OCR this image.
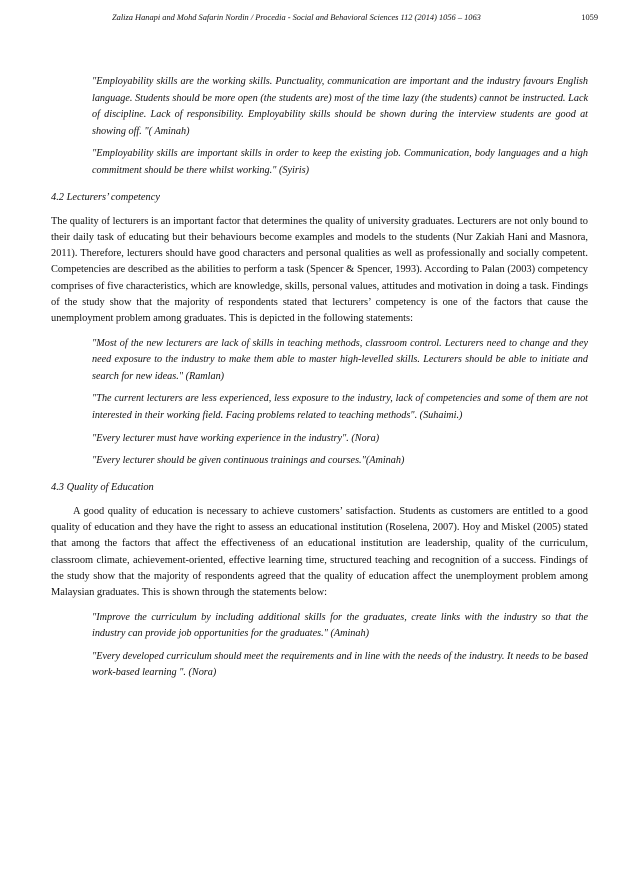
Zaliza Hanapi and Mohd Safarin Nordin / Procedia - Social and Behavioral Sciences 112 (2014) 1056 – 1063	1059

"Employability skills are the working skills. Punctuality, communication are important and the industry favours English language. Students should be more open (the students are) most of the time lazy (the students) cannot be instructed. Lack of discipline. Lack of responsibility. Employability skills should be shown during the interview students are good at showing off. "( Aminah)

"Employability skills are important skills in order to keep the existing job. Communication, body languages and a high commitment should be there whilst working." (Syiris)

4.2 Lecturers’ competency

The quality of lecturers is an important factor that determines the quality of university graduates. Lecturers are not only bound to their daily task of educating but their behaviours become examples and models to the students (Nur Zakiah Hani and Masnora, 2011). Therefore, lecturers should have good characters and personal qualities as well as professionally and socially competent. Competencies are described as the abilities to perform a task (Spencer & Spencer, 1993). According to Palan (2003) competency comprises of five characteristics, which are knowledge, skills, personal values, attitudes and motivation in doing a task. Findings of the study show that the majority of respondents stated that lecturers’ competency is one of the factors that cause the unemployment problem among graduates. This is depicted in the following statements:

"Most of the new lecturers are lack of skills in teaching methods, classroom control. Lecturers need to change and they need exposure to the industry to make them able to master high-levelled skills. Lecturers should be able to initiate and search for new ideas." (Ramlan)

"The current lecturers are less experienced, less exposure to the industry, lack of competencies and some of them are not interested in their working field. Facing problems related to teaching methods". (Suhaimi.)

"Every lecturer must have working experience in the industry". (Nora)

"Every lecturer should be given continuous trainings and courses."(Aminah)

4.3 Quality of Education

A good quality of education is necessary to achieve customers’ satisfaction. Students as customers are entitled to a good quality of education and they have the right to assess an educational institution (Roselena, 2007). Hoy and Miskel (2005) stated that among the factors that affect the effectiveness of an educational institution are leadership, quality of the curriculum, classroom climate, achievement-oriented, effective learning time, structured teaching and recognition of a success. Findings of the study show that the majority of respondents agreed that the quality of education affect the unemployment problem among Malaysian graduates. This is shown through the statements below:

"Improve the curriculum by including additional skills for the graduates, create links with the industry so that the industry can provide job opportunities for the graduates." (Aminah)

"Every developed curriculum should meet the requirements and in line with the needs of the industry. It needs to be based work-based learning ". (Nora)
